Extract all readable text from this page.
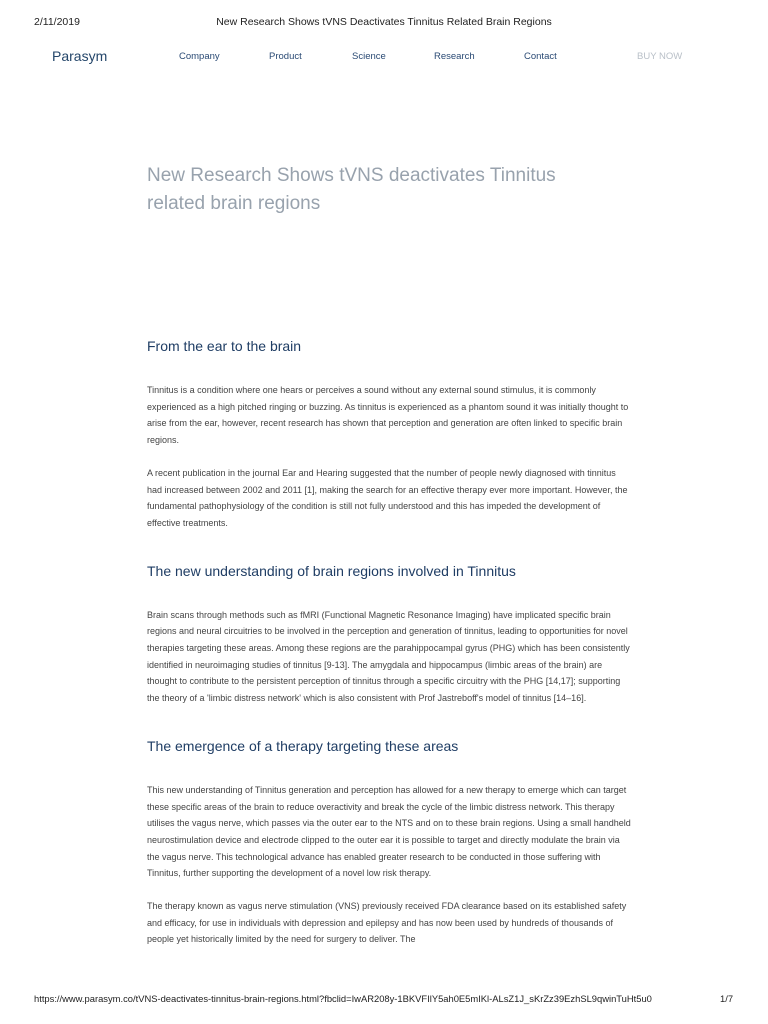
2/11/2019	New Research Shows tVNS Deactivates Tinnitus Related Brain Regions
Parasym	Company	Product	Science	Research	Contact	BUY NOW
New Research Shows tVNS deactivates Tinnitus related brain regions
From the ear to the brain

Tinnitus is a condition where one hears or perceives a sound without any external sound stimulus, it is commonly experienced as a high pitched ringing or buzzing. As tinnitus is experienced as a phantom sound it was initially thought to arise from the ear, however, recent research has shown that perception and generation are often linked to specific brain regions.

A recent publication in the journal Ear and Hearing suggested that the number of people newly diagnosed with tinnitus had increased between 2002 and 2011 [1], making the search for an effective therapy ever more important. However, the fundamental pathophysiology of the condition is still not fully understood and this has impeded the development of effective treatments.

The new understanding of brain regions involved in Tinnitus

Brain scans through methods such as fMRI (Functional Magnetic Resonance Imaging) have implicated specific brain regions and neural circuitries to be involved in the perception and generation of tinnitus, leading to opportunities for novel therapies targeting these areas. Among these regions are the parahippocampal gyrus (PHG) which has been consistently identified in neuroimaging studies of tinnitus [9-13]. The amygdala and hippocampus (limbic areas of the brain) are thought to contribute to the persistent perception of tinnitus through a specific circuitry with the PHG [14,17]; supporting the theory of a 'limbic distress network' which is also consistent with Prof Jastreboff's model of tinnitus [14–16].

The emergence of a therapy targeting these areas

This new understanding of Tinnitus generation and perception has allowed for a new therapy to emerge which can target these specific areas of the brain to reduce overactivity and break the cycle of the limbic distress network. This therapy utilises the vagus nerve, which passes via the outer ear to the NTS and on to these brain regions. Using a small handheld neurostimulation device and electrode clipped to the outer ear it is possible to target and directly modulate the brain via the vagus nerve. This technological advance has enabled greater research to be conducted in those suffering with Tinnitus, further supporting the development of a novel low risk therapy.

The therapy known as vagus nerve stimulation (VNS) previously received FDA clearance based on its established safety and efficacy, for use in individuals with depression and epilepsy and has now been used by hundreds of thousands of people yet historically limited by the need for surgery to deliver. The

https://www.parasym.co/tVNS-deactivates-tinnitus-brain-regions.html?fbclid=IwAR208y-1BKVFIlY5ah0E5mIKl-ALsZ1J_sKrZz39EzhSL9qwinTuHt5u0	1/7
